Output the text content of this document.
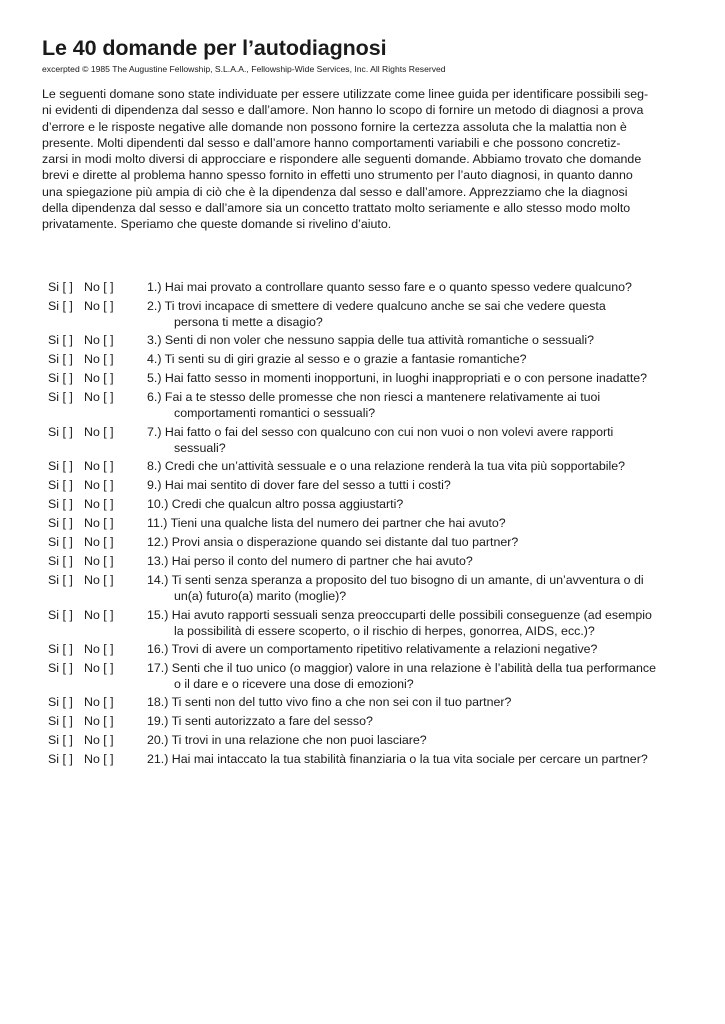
Le 40 domande per l’autodiagnosi
excerpted © 1985 The Augustine Fellowship, S.L.A.A., Fellowship-Wide Services, Inc. All Rights Reserved
Le seguenti domane sono state individuate per essere utilizzate come linee guida per identificare possibili seg-
ni evidenti di dipendenza dal sesso e dall’amore. Non hanno lo scopo di fornire un metodo di diagnosi a prova
d’errore e le risposte negative alle domande non possono fornire la certezza assoluta che la malattia non è
presente. Molti dipendenti dal sesso e dall’amore hanno comportamenti variabili e che possono concretiz-
zarsi in modi molto diversi di approcciare e rispondere alle seguenti domande. Abbiamo trovato che domande
brevi e dirette al problema hanno spesso fornito in effetti uno strumento per l’auto diagnosi, in quanto danno
una spiegazione più ampia di ciò che è la dipendenza dal sesso e dall’amore. Apprezziamo che la diagnosi
della dipendenza dal sesso e dall’amore sia un concetto trattato molto seriamente e allo stesso modo molto
privatamente. Speriamo che queste domande si rivelino d’aiuto.
Si [ ] No [ ]	1.) Hai mai provato a controllare quanto sesso fare e o quanto spesso vedere qualcuno?
Si [ ] No [ ]	2.) Ti trovi incapace di smettere di vedere qualcuno anche se sai che vedere questa
persona ti mette a disagio?
Si [ ] No [ ]	3.) Senti di non voler che nessuno sappia delle tua attività romantiche o sessuali?
Si [ ] No [ ]	4.) Ti senti su di giri grazie al sesso e o grazie a fantasie romantiche?
Si [ ] No [ ]	5.) Hai fatto sesso in momenti inopportuni, in luoghi inappropriati e o con persone inadatte?
Si [ ] No [ ]	6.) Fai a te stesso delle promesse che non riesci a mantenere relativamente ai tuoi
comportamenti romantici o sessuali?
Si [ ] No [ ]	7.) Hai fatto o fai del sesso con qualcuno con cui non vuoi o non volevi avere rapporti
sessuali?
Si [ ] No [ ]	8.) Credi che un’attività sessuale e o una relazione renderà la tua vita più sopportabile?
Si [ ] No [ ]	9.) Hai mai sentito di dover fare del sesso a tutti i costi?
Si [ ] No [ ]	10.) Credi che qualcun altro possa aggiustarti?
Si [ ] No [ ]	11.) Tieni una qualche lista del numero dei partner che hai avuto?
Si [ ] No [ ]	12.) Provi ansia o disperazione quando sei distante dal tuo partner?
Si [ ] No [ ]	13.) Hai perso il conto del numero di partner che hai avuto?
Si [ ] No [ ]	14.) Ti senti senza speranza a proposito del tuo bisogno di un amante, di un’avventura o di
un(a) futuro(a) marito (moglie)?
Si [ ] No [ ]	15.) Hai avuto rapporti sessuali senza preoccuparti delle possibili conseguenze (ad esempio
la possibilità di essere scoperto, o il rischio di herpes, gonorrea, AIDS, ecc.)?
Si [ ] No [ ]	16.) Trovi di avere un comportamento ripetitivo relativamente a relazioni negative?
Si [ ] No [ ]	17.) Senti che il tuo unico (o maggior) valore in una relazione è l’abilità della tua performance
o il dare e o ricevere una dose di emozioni?
Si [ ] No [ ]	18.) Ti senti non del tutto vivo fino a che non sei con il tuo partner?
Si [ ] No [ ]	19.) Ti senti autorizzato a fare del sesso?
Si [ ] No [ ]	20.) Ti trovi in una relazione che non puoi lasciare?
Si [ ] No [ ]	21.) Hai mai intaccato la tua stabilità finanziaria o la tua vita sociale per cercare un partner?
